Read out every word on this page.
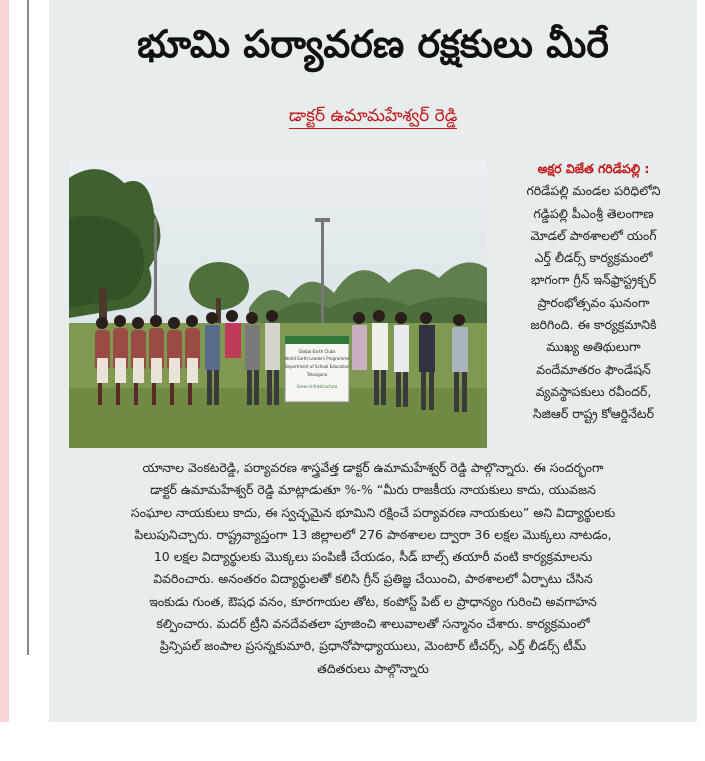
భూమి పర్యావరణ రక్షకులు మీరే
డాక్టర్ ఉమామహేశ్వర్ రెడ్డి
Global Earth Clubs
World Earth Leaders Programme
Department of School Education
Telangana
Green Infrastructure
అక్షర విజేత గరిడేపల్లి :
గరిడేపల్లి మండల పరిధిలోని
గడ్డిపల్లి పీఎంశ్రీ తెలంగాణ
మోడల్ పాఠశాలలో యంగ్
ఎర్త్ లీడర్స్ కార్యక్రమంలో
భాగంగా గ్రీన్ ఇన్‌ఫ్రాస్ట్రక్చర్
ప్రారంభోత్సవం ఘనంగా
జరిగింది. ఈ కార్యక్రమానికి
ముఖ్య అతిథులుగా
వందేమాతరం ఫౌండేషన్
వ్యవస్థాపకులు రవీందర్,
సిజిఆర్ రాష్ట్ర కోఆర్డినేటర్
యానాల వెంకటరెడ్డి, పర్యావరణ శాస్త్రవేత్త డాక్టర్ ఉమామహేశ్వర్ రెడ్డి పాల్గొన్నారు. ఈ సందర్భంగా
డాక్టర్ ఉమామహేశ్వర్ రెడ్డి మాట్లాడుతూ %-% “మీరు రాజకీయ నాయకులు కాదు, యువజన
సంఘాల నాయకులు కాదు, ఈ స్వచ్ఛమైన భూమిని రక్షించే పర్యావరణ నాయకులు” అని విద్యార్థులకు
పిలుపునిచ్చారు. రాష్ట్రవ్యాప్తంగా 13 జిల్లాలలో 276 పాఠశాలల ద్వారా 36 లక్షల మొక్కలు నాటడం,
10 లక్షల విద్యార్థులకు మొక్కలు పంపిణీ చేయడం, సీడ్ బాల్స్ తయారీ వంటి కార్యక్రమాలను
వివరించారు. అనంతరం విద్యార్థులతో కలిసి గ్రీన్ ప్రతిజ్ఞ చేయించి, పాఠశాలలో ఏర్పాటు చేసిన
ఇంకుడు గుంత, ఔషధ వనం, కూరగాయల తోట, కంపోస్ట్ పిట్ ల ప్రాధాన్యం గురించి అవగాహన
కల్పించారు. మదర్ ట్రీని వనదేవతలా పూజించి శాలువాలతో సన్మానం చేశారు. కార్యక్రమంలో
ప్రిన్సిపల్ జంపాల ప్రసన్నకుమారి, ప్రధానోపాధ్యాయులు, మెంటార్ టీచర్స్, ఎర్త్ లీడర్స్ టీమ్
తదితరులు పాల్గొన్నారు
